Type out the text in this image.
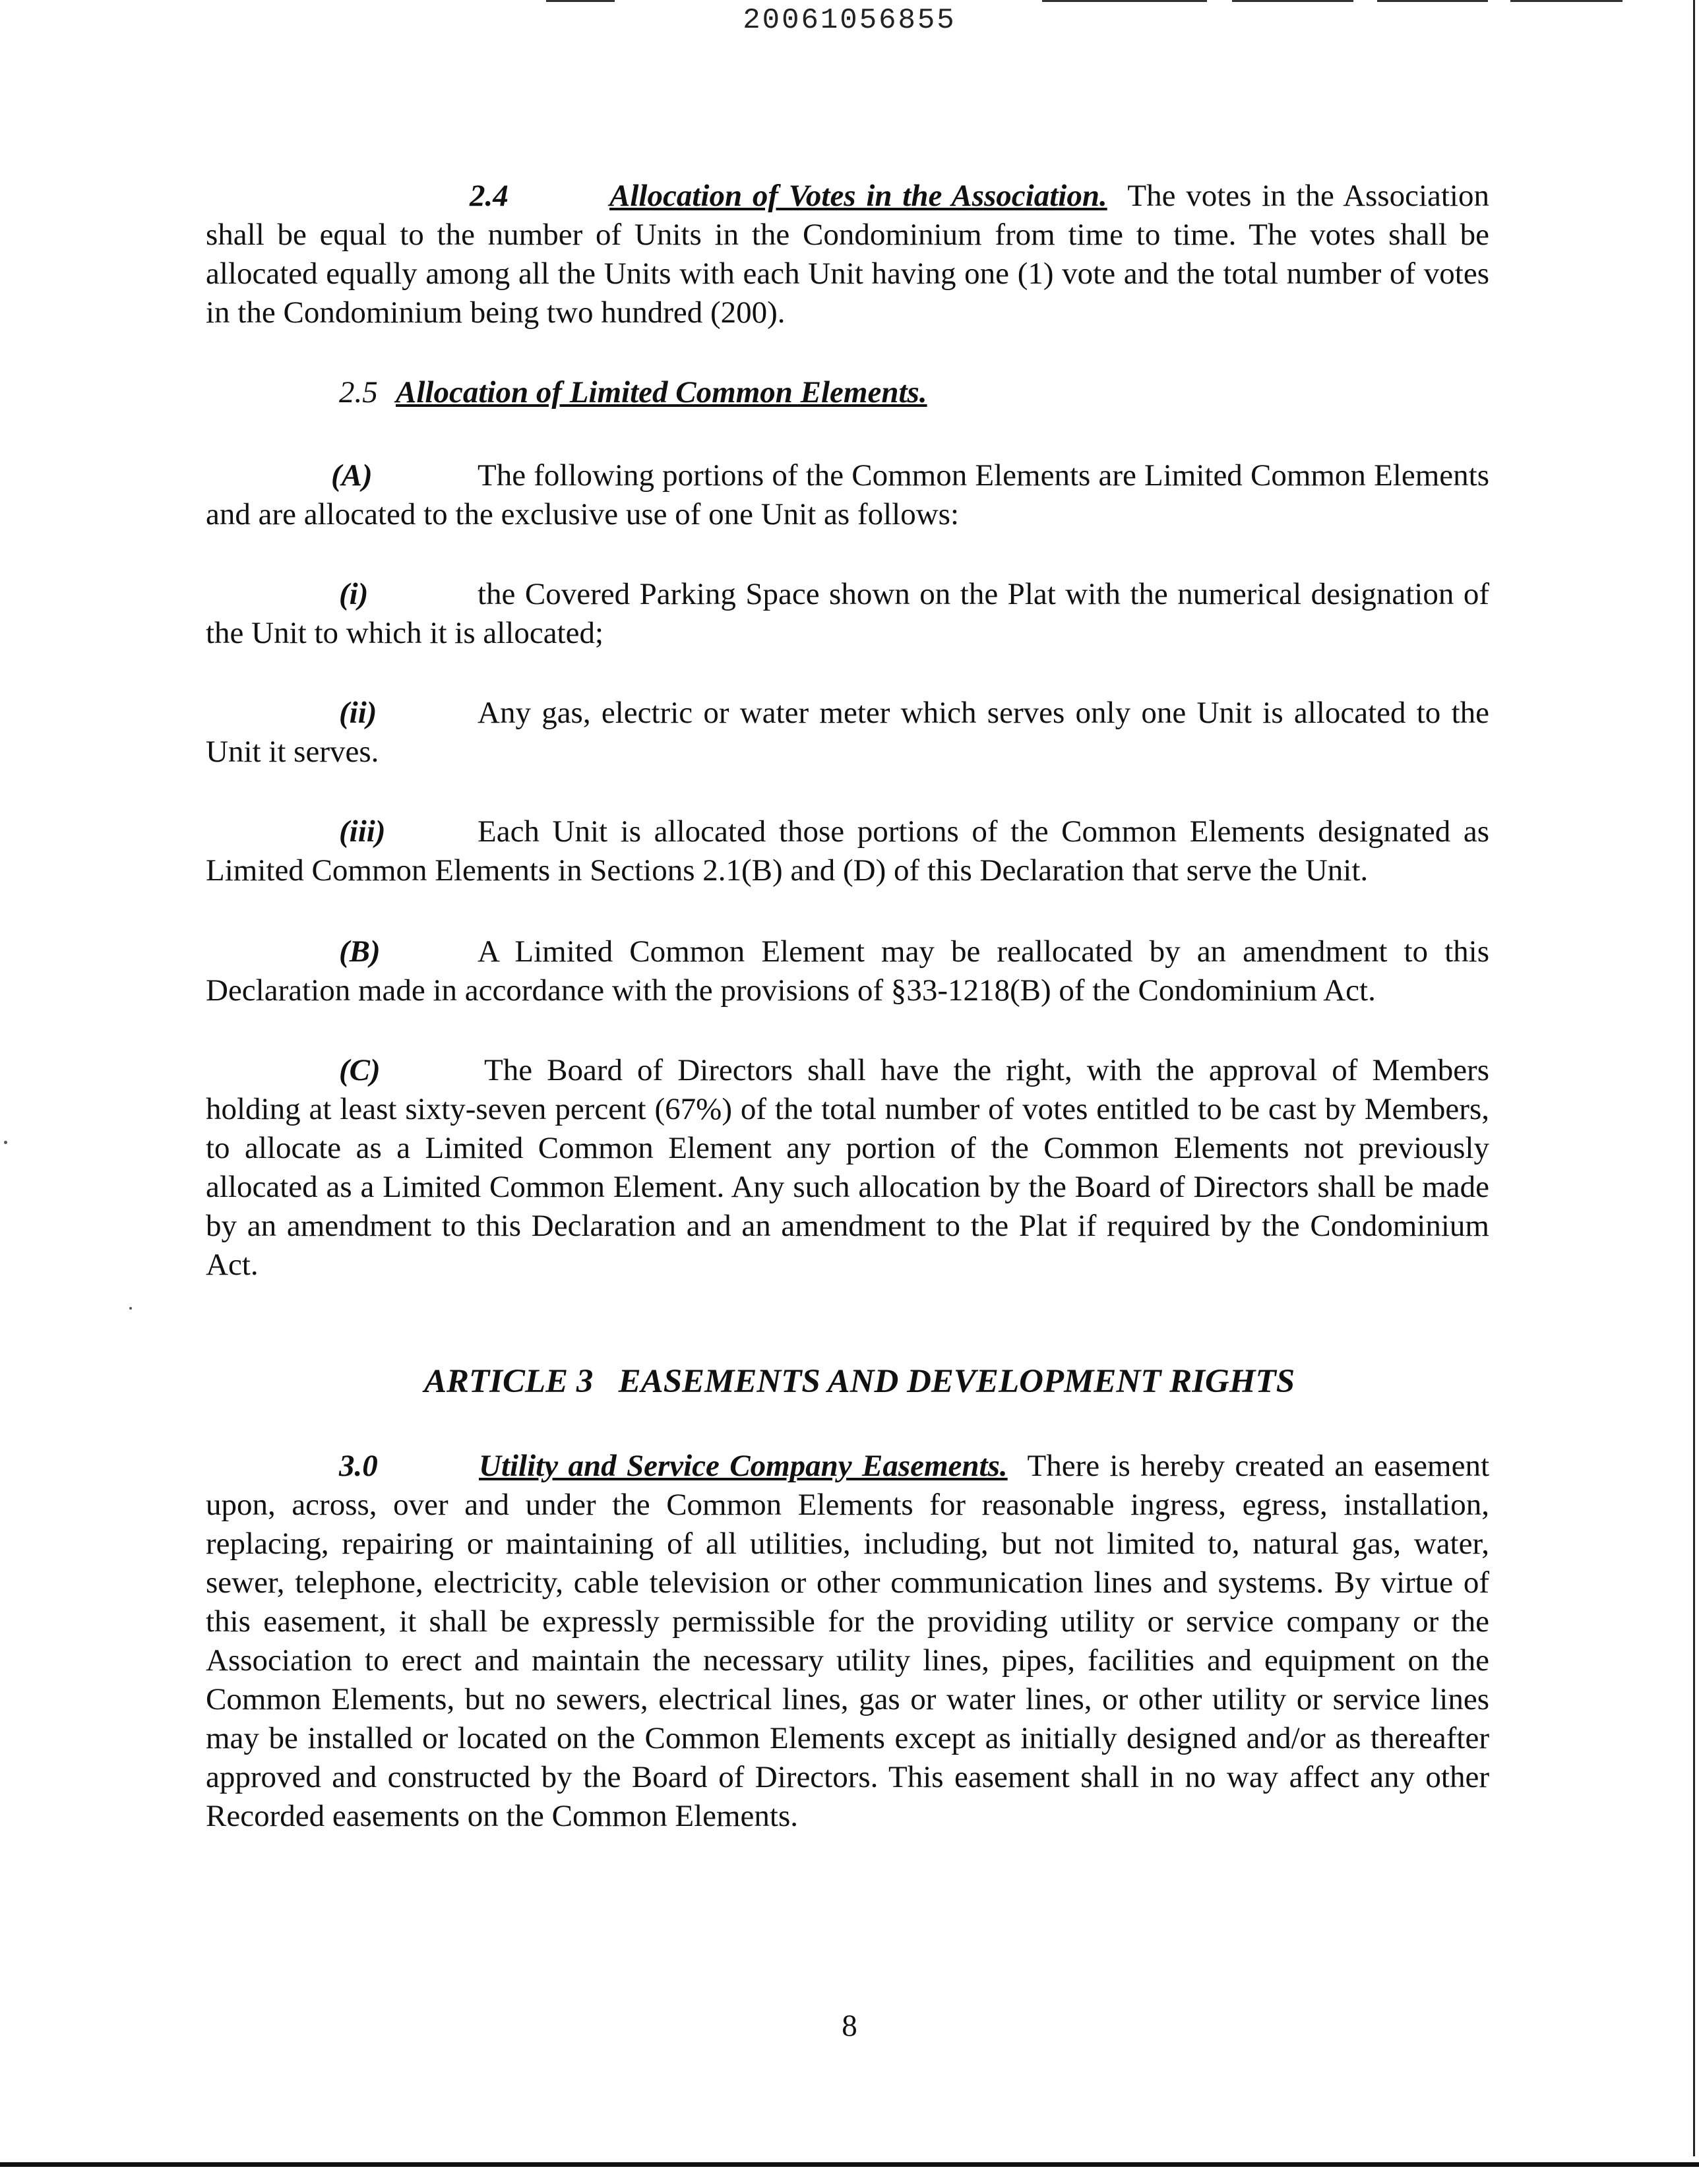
20061056855

2.4	Allocation of Votes in the Association. The votes in the Association shall be equal to the number of Units in the Condominium from time to time. The votes shall be allocated equally among all the Units with each Unit having one (1) vote and the total number of votes in the Condominium being two hundred (200).

2.5 Allocation of Limited Common Elements.

(A)	The following portions of the Common Elements are Limited Common Elements and are allocated to the exclusive use of one Unit as follows:

(i)	the Covered Parking Space shown on the Plat with the numerical designation of the Unit to which it is allocated;

(ii)	Any gas, electric or water meter which serves only one Unit is allocated to the Unit it serves.

(iii)	Each Unit is allocated those portions of the Common Elements designated as Limited Common Elements in Sections 2.1(B) and (D) of this Declaration that serve the Unit.

(B)	A Limited Common Element may be reallocated by an amendment to this Declaration made in accordance with the provisions of §33-1218(B) of the Condominium Act.

(C)	The Board of Directors shall have the right, with the approval of Members holding at least sixty-seven percent (67%) of the total number of votes entitled to be cast by Members, to allocate as a Limited Common Element any portion of the Common Elements not previously allocated as a Limited Common Element. Any such allocation by the Board of Directors shall be made by an amendment to this Declaration and an amendment to the Plat if required by the Condominium Act.

ARTICLE 3   EASEMENTS AND DEVELOPMENT RIGHTS

3.0	Utility and Service Company Easements. There is hereby created an easement upon, across, over and under the Common Elements for reasonable ingress, egress, installation, replacing, repairing or maintaining of all utilities, including, but not limited to, natural gas, water, sewer, telephone, electricity, cable television or other communication lines and systems. By virtue of this easement, it shall be expressly permissible for the providing utility or service company or the Association to erect and maintain the necessary utility lines, pipes, facilities and equipment on the Common Elements, but no sewers, electrical lines, gas or water lines, or other utility or service lines may be installed or located on the Common Elements except as initially designed and/or as thereafter approved and constructed by the Board of Directors. This easement shall in no way affect any other Recorded easements on the Common Elements.

8
